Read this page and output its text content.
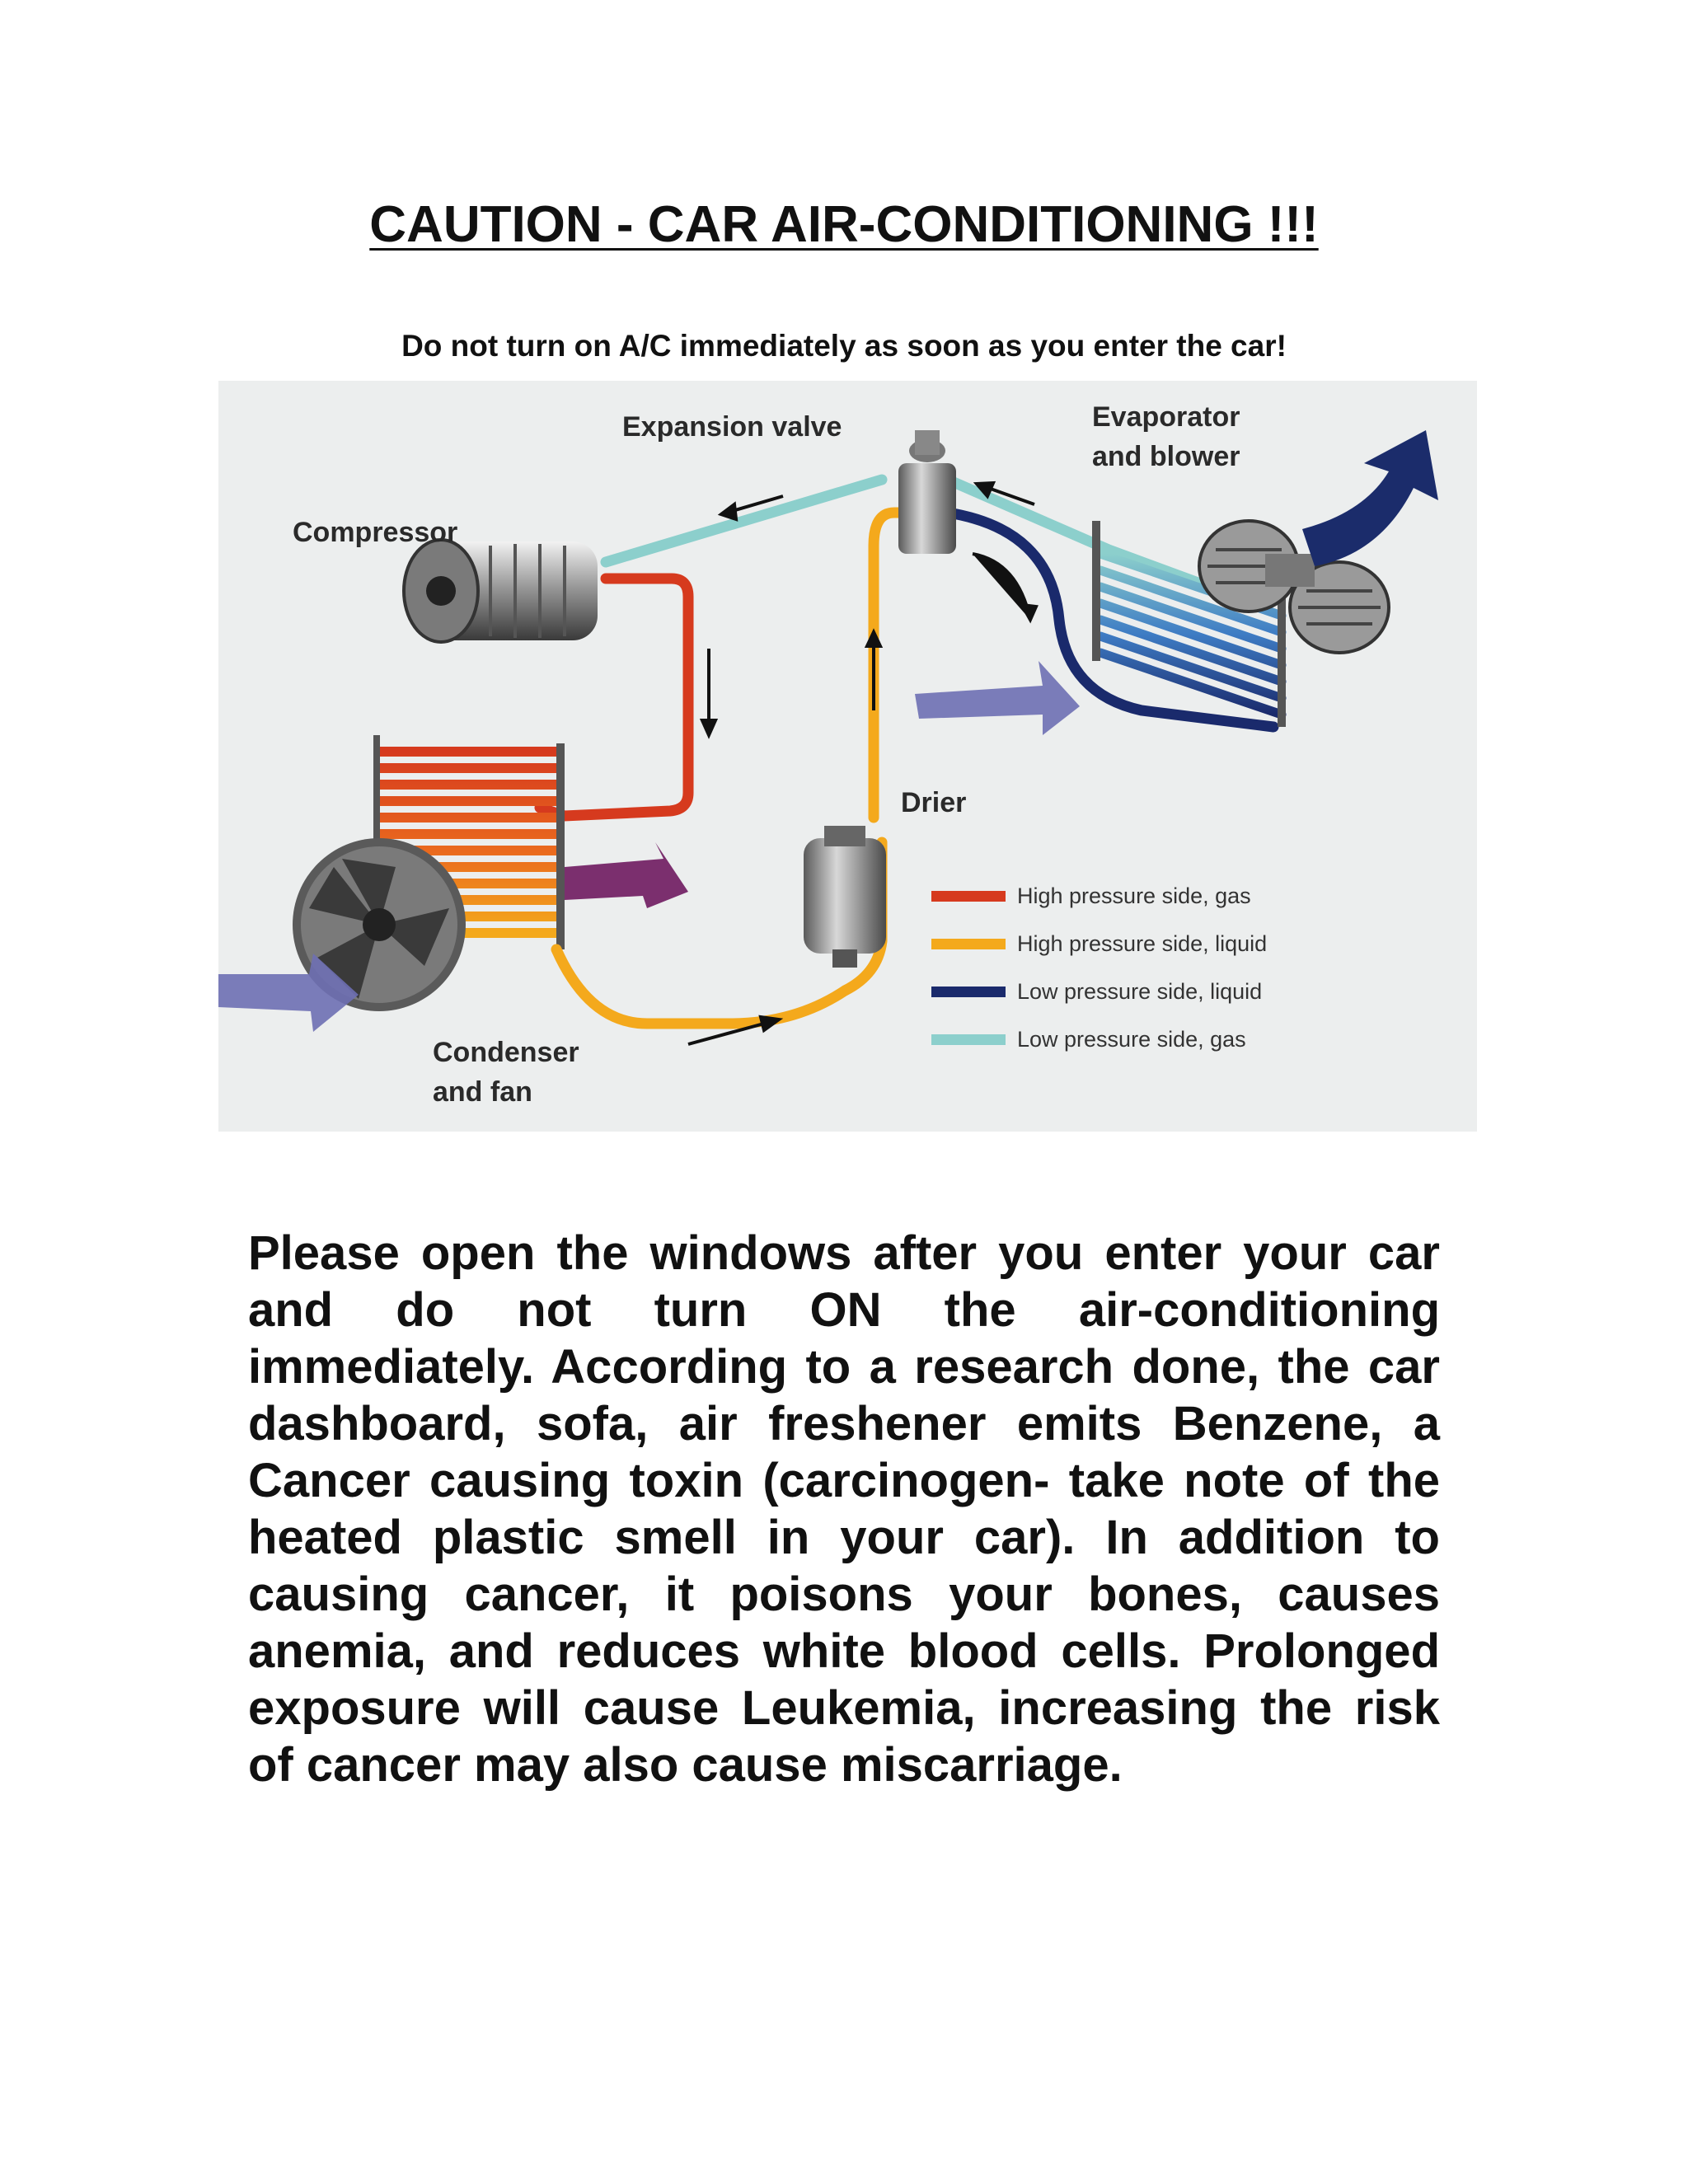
CAUTION - CAR AIR-CONDITIONING !!!
Do not turn on A/C immediately as soon as you enter the car!
Expansion valve	Evaporator
and blower
Compressor
Drier
Condenser
and fan
High pressure side, gas
High pressure side, liquid
Low pressure side, liquid
Low pressure side, gas

Please open the windows after you enter your car and do not turn ON the air-conditioning immediately. According to a research done, the car dashboard, sofa, air freshener emits Benzene, a Cancer causing toxin (carcinogen- take note of the heated plastic smell in your car). In addition to causing cancer, it poisons your bones, causes anemia, and reduces white blood cells. Prolonged exposure will cause Leukemia, increasing the risk of cancer may also cause miscarriage.
